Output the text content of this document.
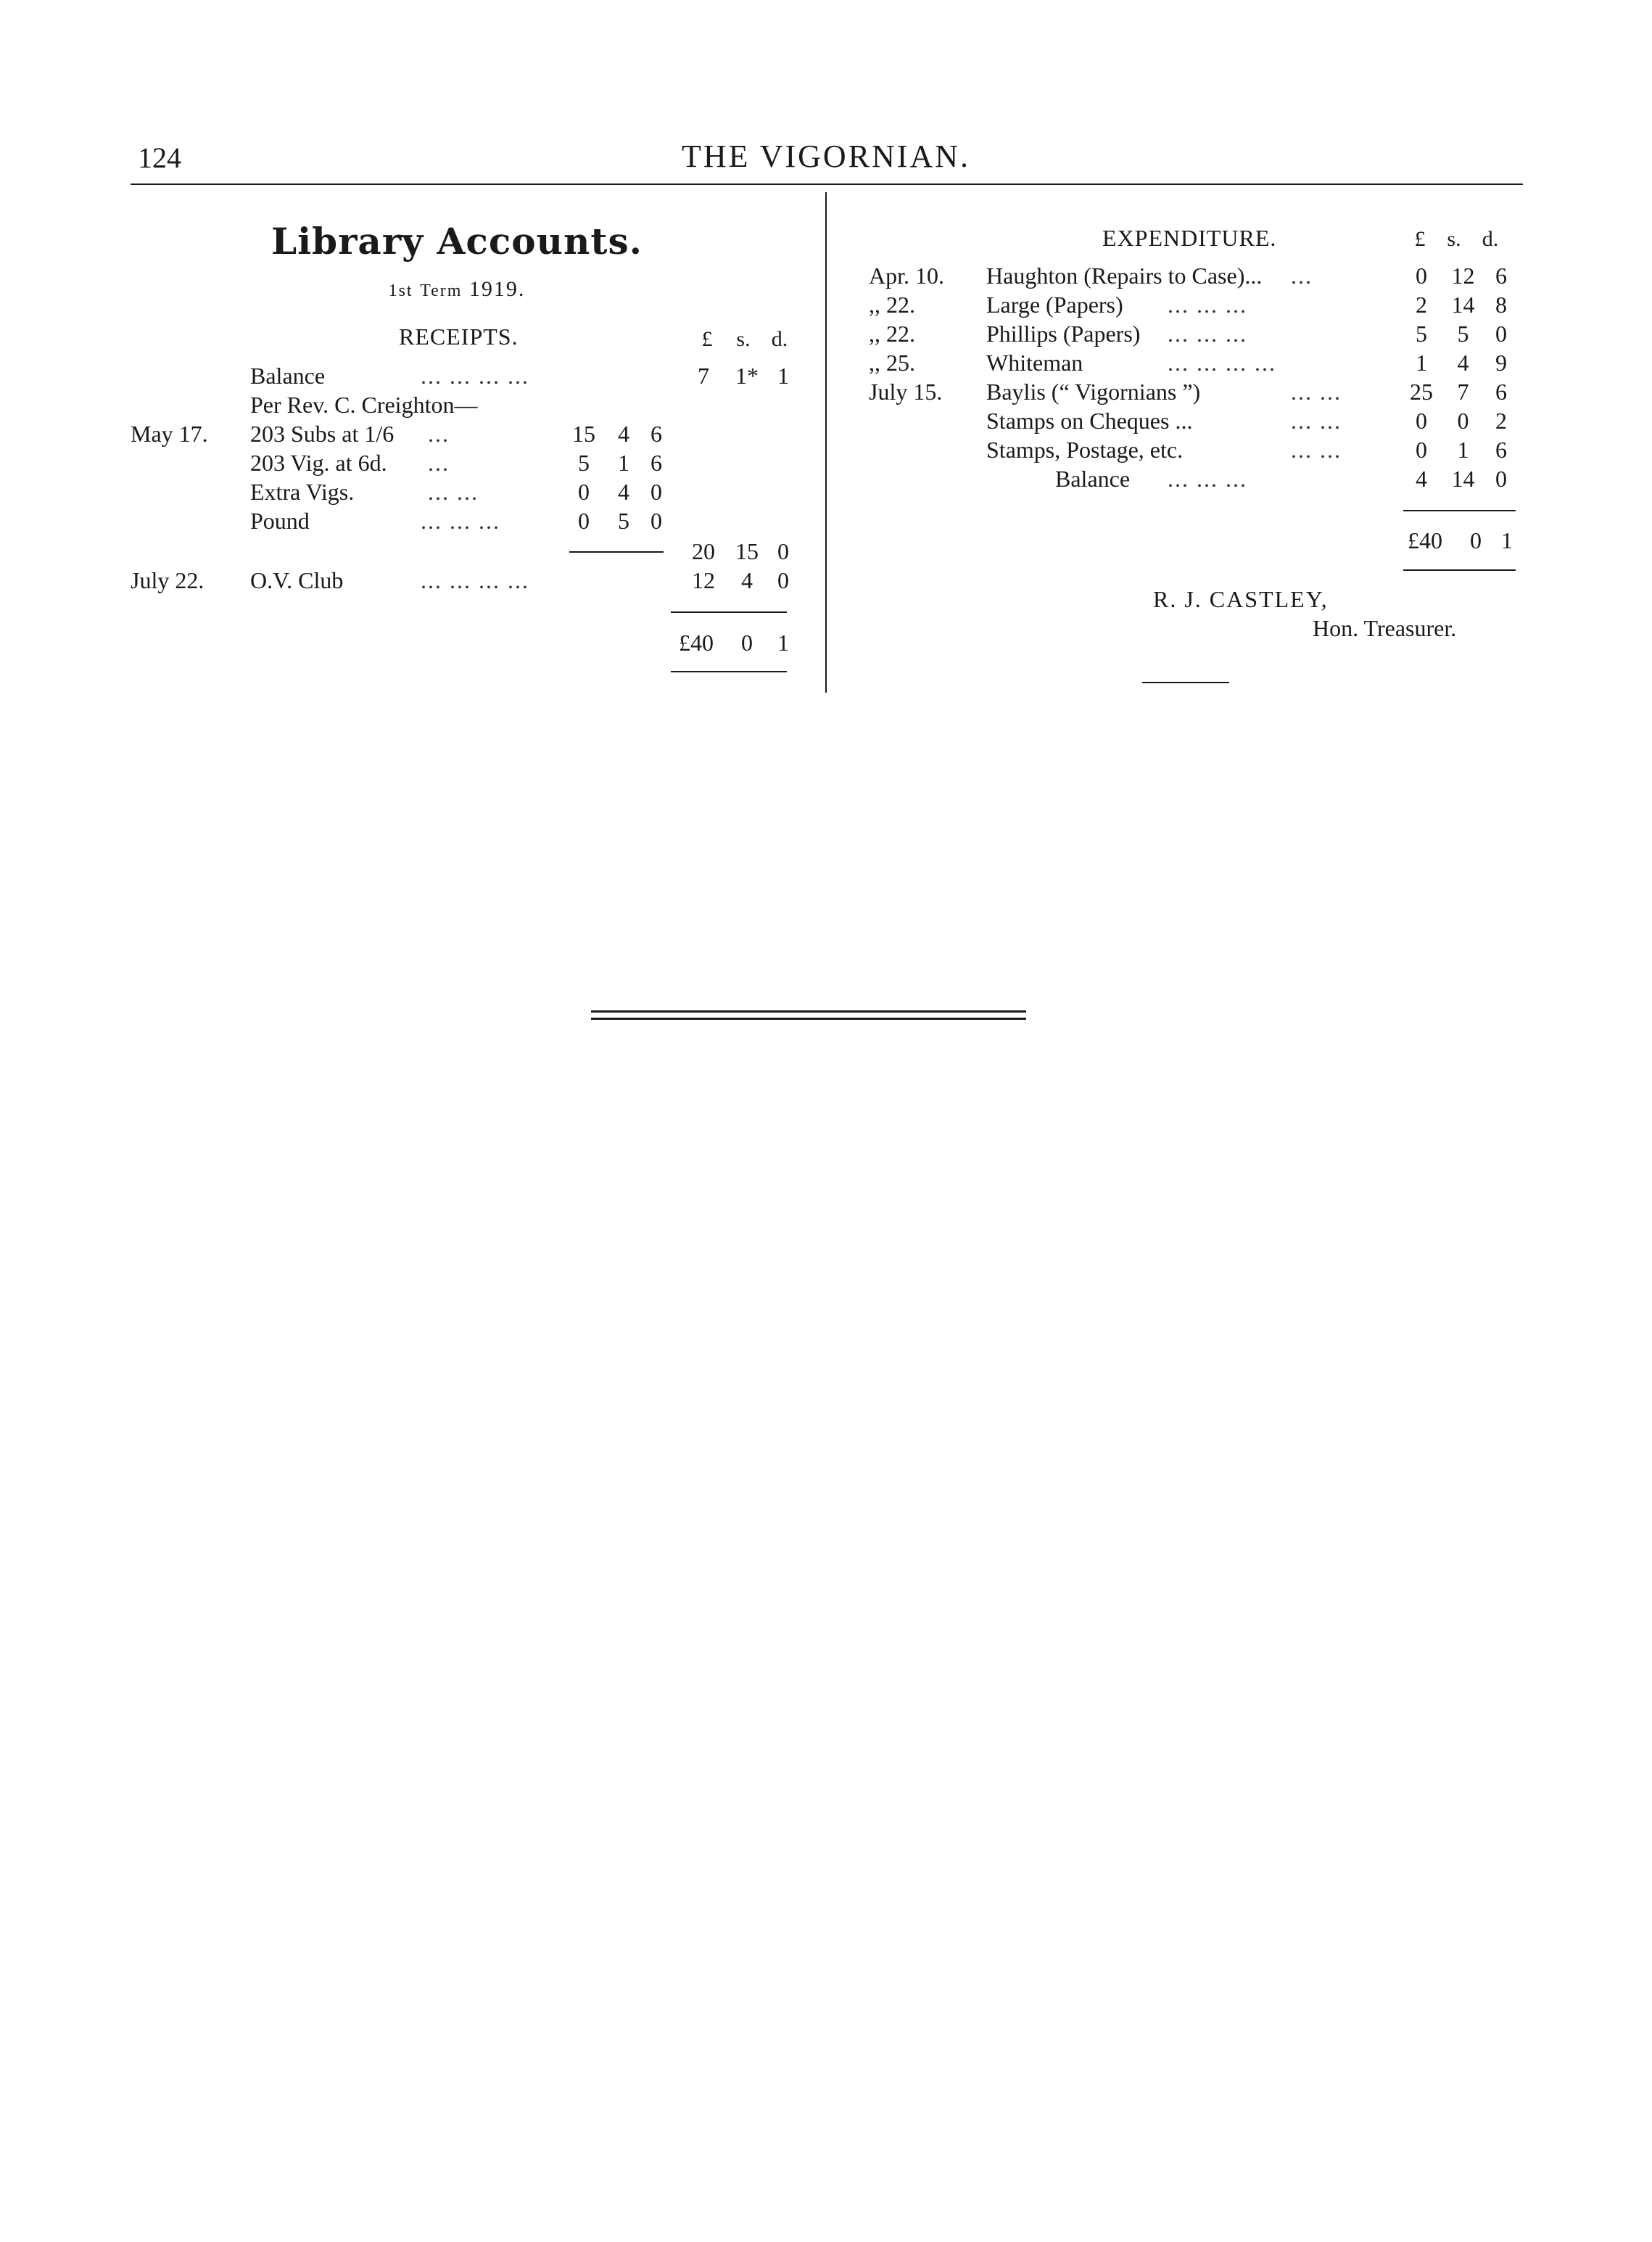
124	THE VIGORNIAN.
Library Accounts.
1st Term 1919.
RECEIPTS.	£	s. d.
Balance	... ... ... ...	7	1* 1
Per Rev. C. Creighton—
May 17. 203 Subs at 1/6 ...	15 4 6
203 Vig. at 6d. ...	5	1 6
Extra Vigs.	... ...	0	4 0
Pound	... ... ...	0	5 0
20 15 0
July 22. O.V. Club	... ... ... ...	12	4	0
£40	0	1
EXPENDITURE.	£ s. d.
Apr. 10. Haughton (Repairs to Case)... ...	0	12 6
,, 22.	Large (Papers) ... ... ...	2	14 8
,, 22.	Phillips (Papers) ... ... ...	5	5	0
,, 25.	Whiteman	... ... ... ...	1	4	9
July 15. Baylis (“ Vigornians ”)	... ...	25	7	6
Stamps on Cheques ...	... ...	0	0	2
Stamps, Postage, etc.	... ...	0	1	6
Balance ... ... ...	4	14 0
£40	0 1
R. J. CASTLEY,
Hon. Treasurer.
